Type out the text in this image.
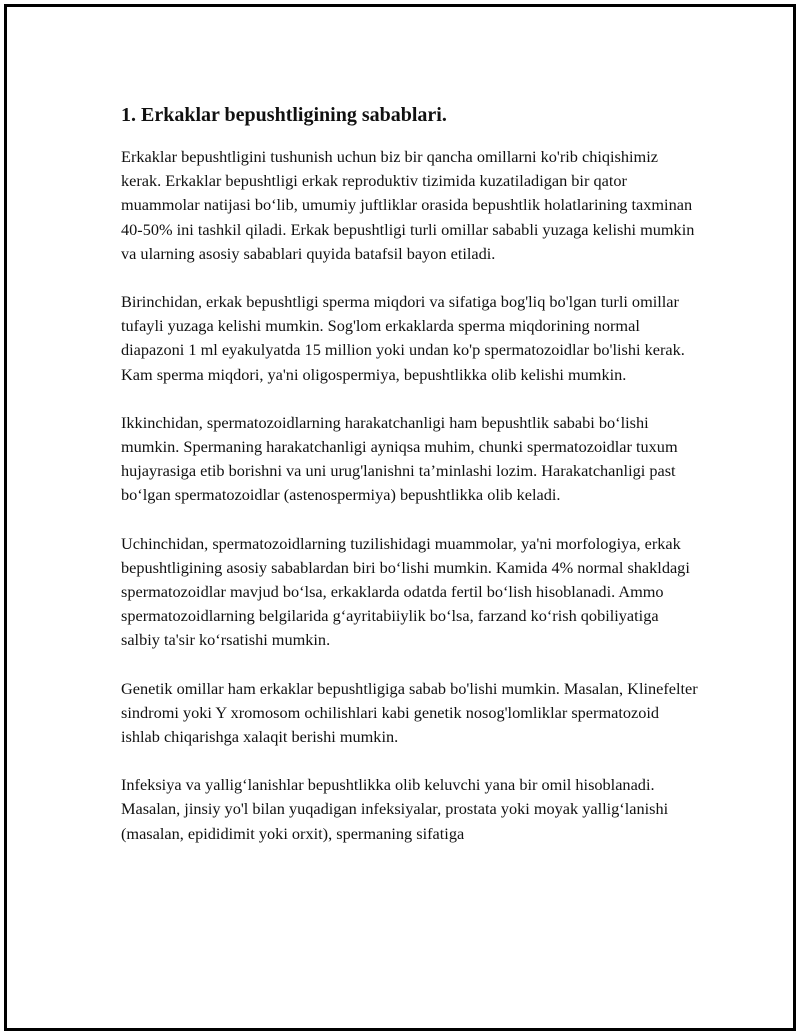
1. Erkaklar bepushtligining sabablari.

Erkaklar bepushtligini tushunish uchun biz bir qancha omillarni ko'rib chiqishimiz kerak. Erkaklar bepushtligi erkak reproduktiv tizimida kuzatiladigan bir qator muammolar natijasi bo‘lib, umumiy juftliklar orasida bepushtlik holatlarining taxminan 40-50% ini tashkil qiladi. Erkak bepushtligi turli omillar sababli yuzaga kelishi mumkin va ularning asosiy sabablari quyida batafsil bayon etiladi.

Birinchidan, erkak bepushtligi sperma miqdori va sifatiga bog'liq bo'lgan turli omillar tufayli yuzaga kelishi mumkin. Sog'lom erkaklarda sperma miqdorining normal diapazoni 1 ml eyakulyatda 15 million yoki undan ko'p spermatozoidlar bo'lishi kerak. Kam sperma miqdori, ya'ni oligospermiya, bepushtlikka olib kelishi mumkin.

Ikkinchidan, spermatozoidlarning harakatchanligi ham bepushtlik sababi bo‘lishi mumkin. Spermaning harakatchanligi ayniqsa muhim, chunki spermatozoidlar tuxum hujayrasiga etib borishni va uni urug'lanishni ta’minlashi lozim. Harakatchanligi past bo‘lgan spermatozoidlar (astenospermiya) bepushtlikka olib keladi.

Uchinchidan, spermatozoidlarning tuzilishidagi muammolar, ya'ni morfologiya, erkak bepushtligining asosiy sabablardan biri bo‘lishi mumkin. Kamida 4% normal shakldagi spermatozoidlar mavjud bo‘lsa, erkaklarda odatda fertil bo‘lish hisoblanadi. Ammo spermatozoidlarning belgilarida g‘ayritabiiylik bo‘lsa, farzand ko‘rish qobiliyatiga salbiy ta'sir ko‘rsatishi mumkin.

Genetik omillar ham erkaklar bepushtligiga sabab bo'lishi mumkin. Masalan, Klinefelter sindromi yoki Y xromosom ochilishlari kabi genetik nosog'lomliklar spermatozoid ishlab chiqarishga xalaqit berishi mumkin.

Infeksiya va yallig‘lanishlar bepushtlikka olib keluvchi yana bir omil hisoblanadi. Masalan, jinsiy yo'l bilan yuqadigan infeksiyalar, prostata yoki moyak yallig‘lanishi (masalan, epididimit yoki orxit), spermaning sifatiga
